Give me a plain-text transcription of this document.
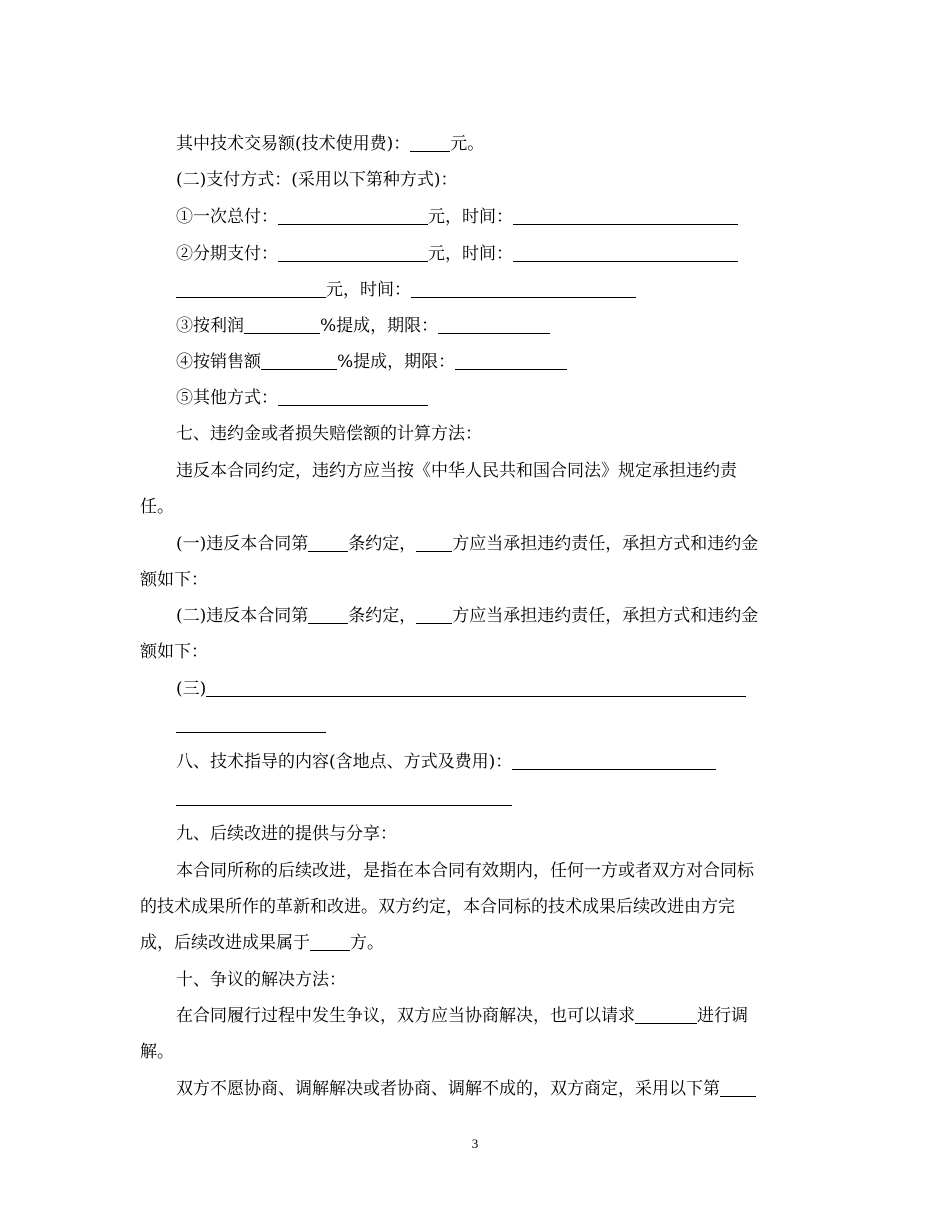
其中技术交易额(技术使用费)： 元。
(二)支付方式：(采用以下第种方式)：
①一次总付：	元，时间：
②分期支付：	元，时间：
元，时间：
③按利润	%提成，期限：
④按销售额	%提成，期限：
⑤其他方式：
七、违约金或者损失赔偿额的计算方法：
违反本合同约定，违约方应当按《中华人民共和国合同法》规定承担违约责
任。
(一)违反本合同第 条约定， 方应当承担违约责任，承担方式和违约金
额如下：
(二)违反本合同第 条约定， 方应当承担违约责任，承担方式和违约金
额如下：
(三)
八、技术指导的内容(含地点、方式及费用)：
九、后续改进的提供与分享：
本合同所称的后续改进，是指在本合同有效期内，任何一方或者双方对合同标
的技术成果所作的革新和改进。双方约定，本合同标的技术成果后续改进由方完
成，后续改进成果属于 方。
十、争议的解决方法：
在合同履行过程中发生争议，双方应当协商解决，也可以请求	进行调
解。
双方不愿协商、调解解决或者协商、调解不成的，双方商定，采用以下第
3
